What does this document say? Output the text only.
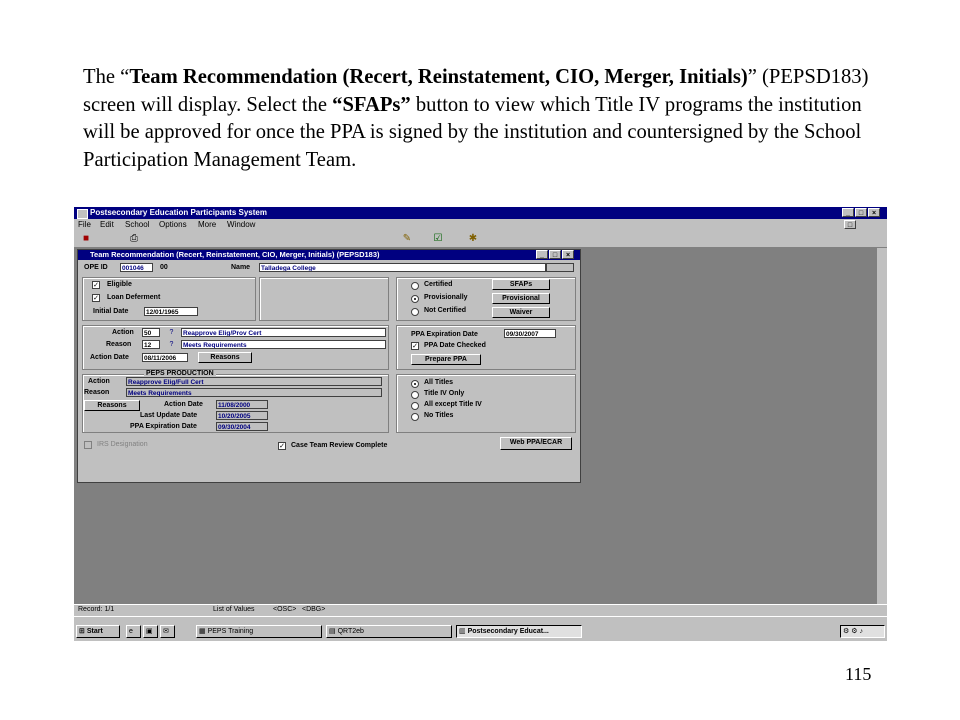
The “Team Recommendation (Recert, Reinstatement, CIO, Merger, Initials)” (PEPSD183) screen will display. Select the “SFAPs” button to view which Title IV programs the institution will be approved for once the PPA is signed by the institution and countersigned by the School Participation Management Team.
Postsecondary Education Participants System	_	□	×
File Edit School Options More Window	□
■	⎙	✎	☑	✱
Team Recommendation (Recert, Reinstatement, CIO, Merger, Initials) (PEPSD183)	_	□	×
OPE ID	001046	00	Name	Talladega College
✓ Eligible
✓ Loan Deferment
Initial Date	12/01/1965
Certified
Provisionally
Not Certified
SFAPs
Provisional
Waiver
Action	50	?	Reapprove Elig/Prov Cert
Reason	12	?	Meets Requirements
Action Date	08/11/2006	Reasons
PPA Expiration Date	09/30/2007
✓ PPA Date Checked
Prepare PPA
PEPS PRODUCTION
Action	Reapprove Elig/Full Cert
Reason	Meets Requirements
Reasons	Action Date	11/08/2000
Last Update Date	10/20/2005
PPA Expiration Date	09/30/2004
All Titles
Title IV Only
All except Title IV
No Titles
IRS Designation	✓ Case Team Review Complete	Web PPA/ECAR
Record: 1/1	List of Values	<OSC> <DBG>
⊞ Start	e	▣	✉	▦ PEPS Training	▤ QRT2eb	▥ Postsecondary Educat...	⚙ ⚙ ♪
115
